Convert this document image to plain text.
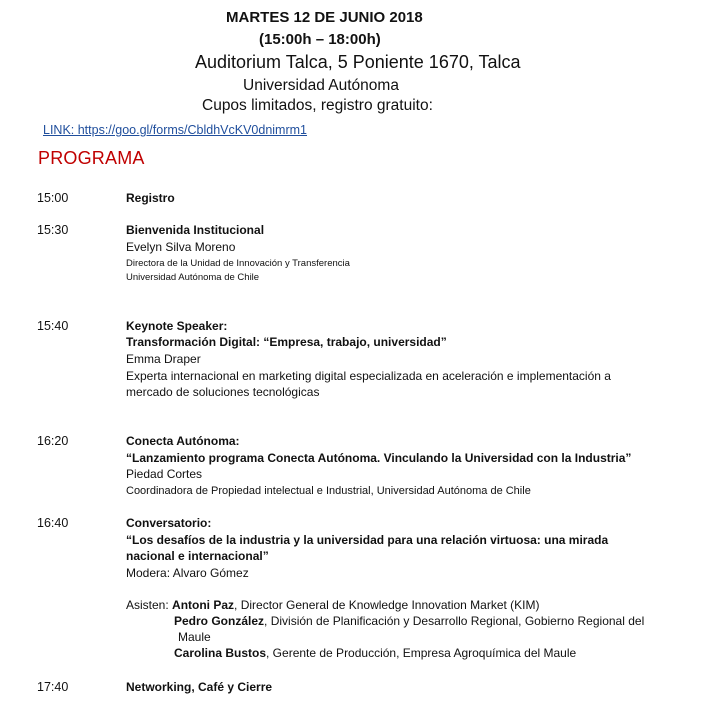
MARTES 12 DE JUNIO 2018
(15:00h – 18:00h)
Auditorium Talca, 5 Poniente 1670, Talca
Universidad Autónoma
Cupos limitados, registro gratuito:
LINK: https://goo.gl/forms/CbldhVcKV0dnimrm1
PROGRAMA
15:00	Registro
15:30	Bienvenida Institucional
Evelyn Silva Moreno
Directora de la Unidad de Innovación y Transferencia
Universidad Autónoma de Chile
15:40	Keynote Speaker:
Transformación Digital: “Empresa, trabajo, universidad”
Emma Draper
Experta internacional en marketing digital especializada en aceleración e implementación a
mercado de soluciones tecnológicas
16:20	Conecta Autónoma:
“Lanzamiento programa Conecta Autónoma. Vinculando la Universidad con la Industria”
Piedad Cortes
Coordinadora de Propiedad intelectual e Industrial, Universidad Autónoma de Chile
16:40	Conversatorio:
“Los desafíos de la industria y la universidad para una relación virtuosa: una mirada
nacional e internacional”
Modera: Alvaro Gómez
Asisten: Antoni Paz, Director General de Knowledge Innovation Market (KIM)
Pedro González, División de Planificación y Desarrollo Regional, Gobierno Regional del
Maule
Carolina Bustos, Gerente de Producción, Empresa Agroquímica del Maule
17:40	Networking, Café y Cierre
